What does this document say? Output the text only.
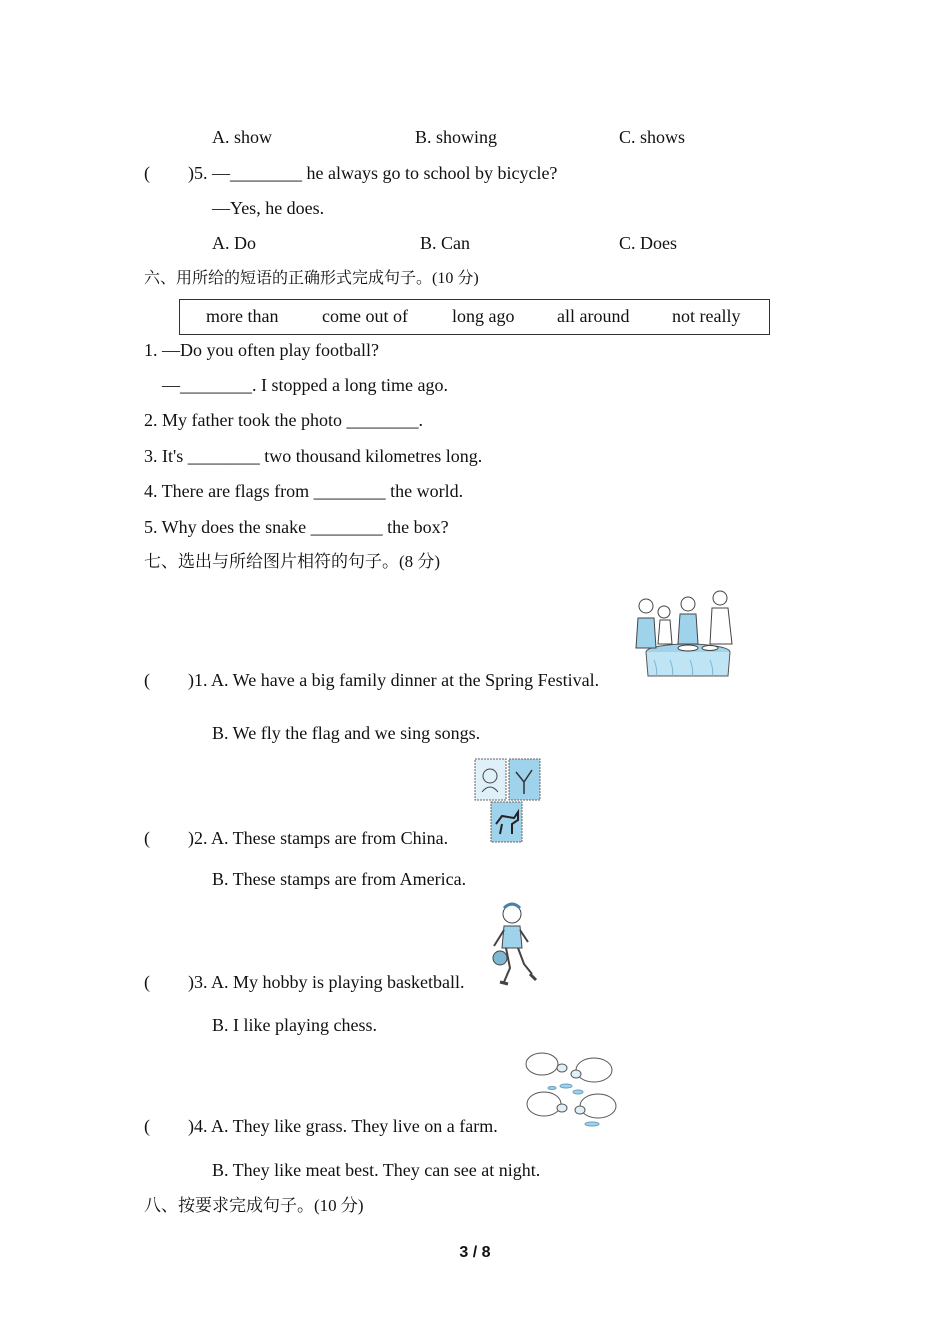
A. show	B. showing	C. shows
( )5. —________ he always go to school by bicycle?
—Yes, he does.
A. Do	B. Can	C. Does
六、用所给的短语的正确形式完成句子。(10 分)
more than come out of long ago all around not really
1. —Do you often play football?
—________. I stopped a long time ago.
2. My father took the photo ________.
3. It's ________ two thousand kilometres long.
4. There are flags from ________ the world.
5. Why does the snake ________ the box?
七、选出与所给图片相符的句子。(8 分)
( )1. A. We have a big family dinner at the Spring Festival.
B. We fly the flag and we sing songs.
( )2. A. These stamps are from China.
B. These stamps are from America.
( )3. A. My hobby is playing basketball.
B. I like playing chess.
( )4. A. They like grass. They live on a farm.
B. They like meat best. They can see at night.
八、按要求完成句子。(10 分)
3 / 8
